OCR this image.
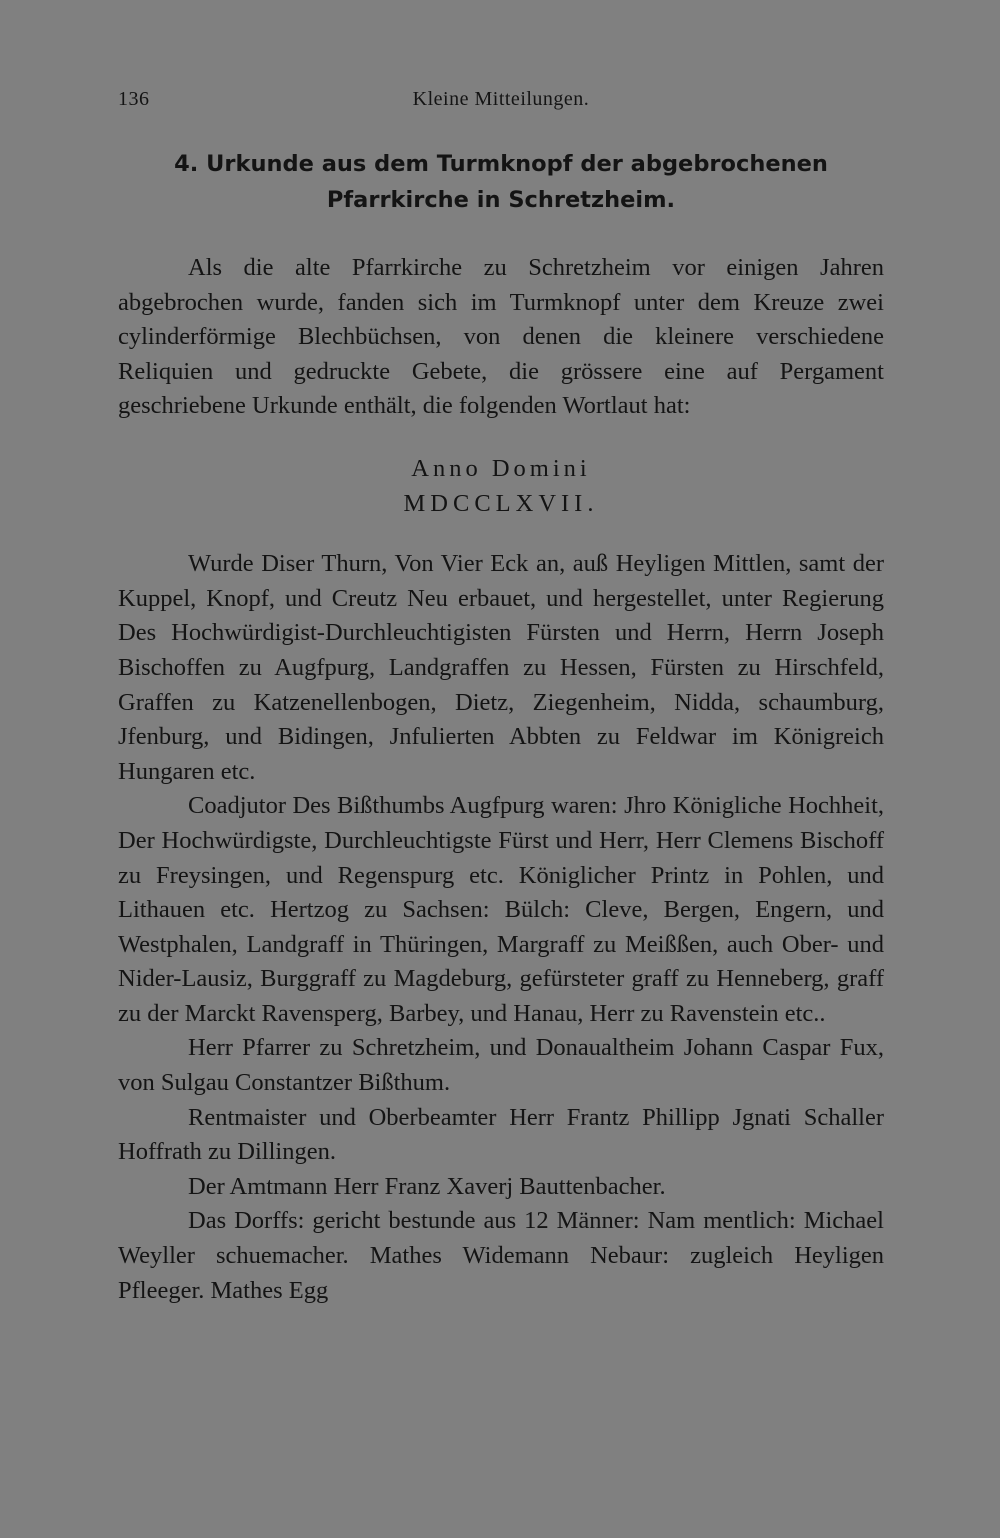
136	Kleine Mitteilungen.
4. Urkunde aus dem Turmknopf der abgebrochenen
Pfarrkirche in Schretzheim.

Als die alte Pfarrkirche zu Schretzheim vor einigen Jahren abgebrochen wurde, fanden sich im Turmknopf unter dem Kreuze zwei cylinderförmige Blechbüchsen, von denen die kleinere verschiedene Reliquien und gedruckte Gebete, die grössere eine auf Pergament geschriebene Urkunde enthält, die folgenden Wortlaut hat:

Anno Domini
MDCCLXVII.

Wurde Diser Thurn, Von Vier Eck an, auß Heyligen Mittlen, samt der Kuppel, Knopf, und Creutz Neu erbauet, und hergestellet, unter Regierung Des Hochwürdigist-Durchleuchtigisten Fürsten und Herrn, Herrn Joseph Bischoffen zu Augfpurg, Landgraffen zu Hessen, Fürsten zu Hirschfeld, Graffen zu Katzenellenbogen, Dietz, Ziegenheim, Nidda, schaumburg, Jfenburg, und Bidingen, Jnfulierten Abbten zu Feldwar im Königreich Hungaren etc.

Coadjutor Des Bißthumbs Augfpurg waren: Jhro Königliche Hochheit, Der Hochwürdigste, Durchleuchtigste Fürst und Herr, Herr Clemens Bischoff zu Freysingen, und Regenspurg etc. Königlicher Printz in Pohlen, und Lithauen etc. Hertzog zu Sachsen: Bülch: Cleve, Bergen, Engern, und Westphalen, Landgraff in Thüringen, Margraff zu Meißßen, auch Ober- und Nider-Lausiz, Burggraff zu Magdeburg, gefürsteter graff zu Henneberg, graff zu der Marckt Ravensperg, Barbey, und Hanau, Herr zu Ravenstein etc..

Herr Pfarrer zu Schretzheim, und Donaualtheim Johann Caspar Fux, von Sulgau Constantzer Bißthum.

Rentmaister und Oberbeamter Herr Frantz Phillipp Jgnati Schaller Hoffrath zu Dillingen.

Der Amtmann Herr Franz Xaverj Bauttenbacher.

Das Dorffs: gericht bestunde aus 12 Männer: Nam mentlich: Michael Weyller schuemacher. Mathes Widemann Nebaur: zugleich Heyligen Pfleeger. Mathes Egg
